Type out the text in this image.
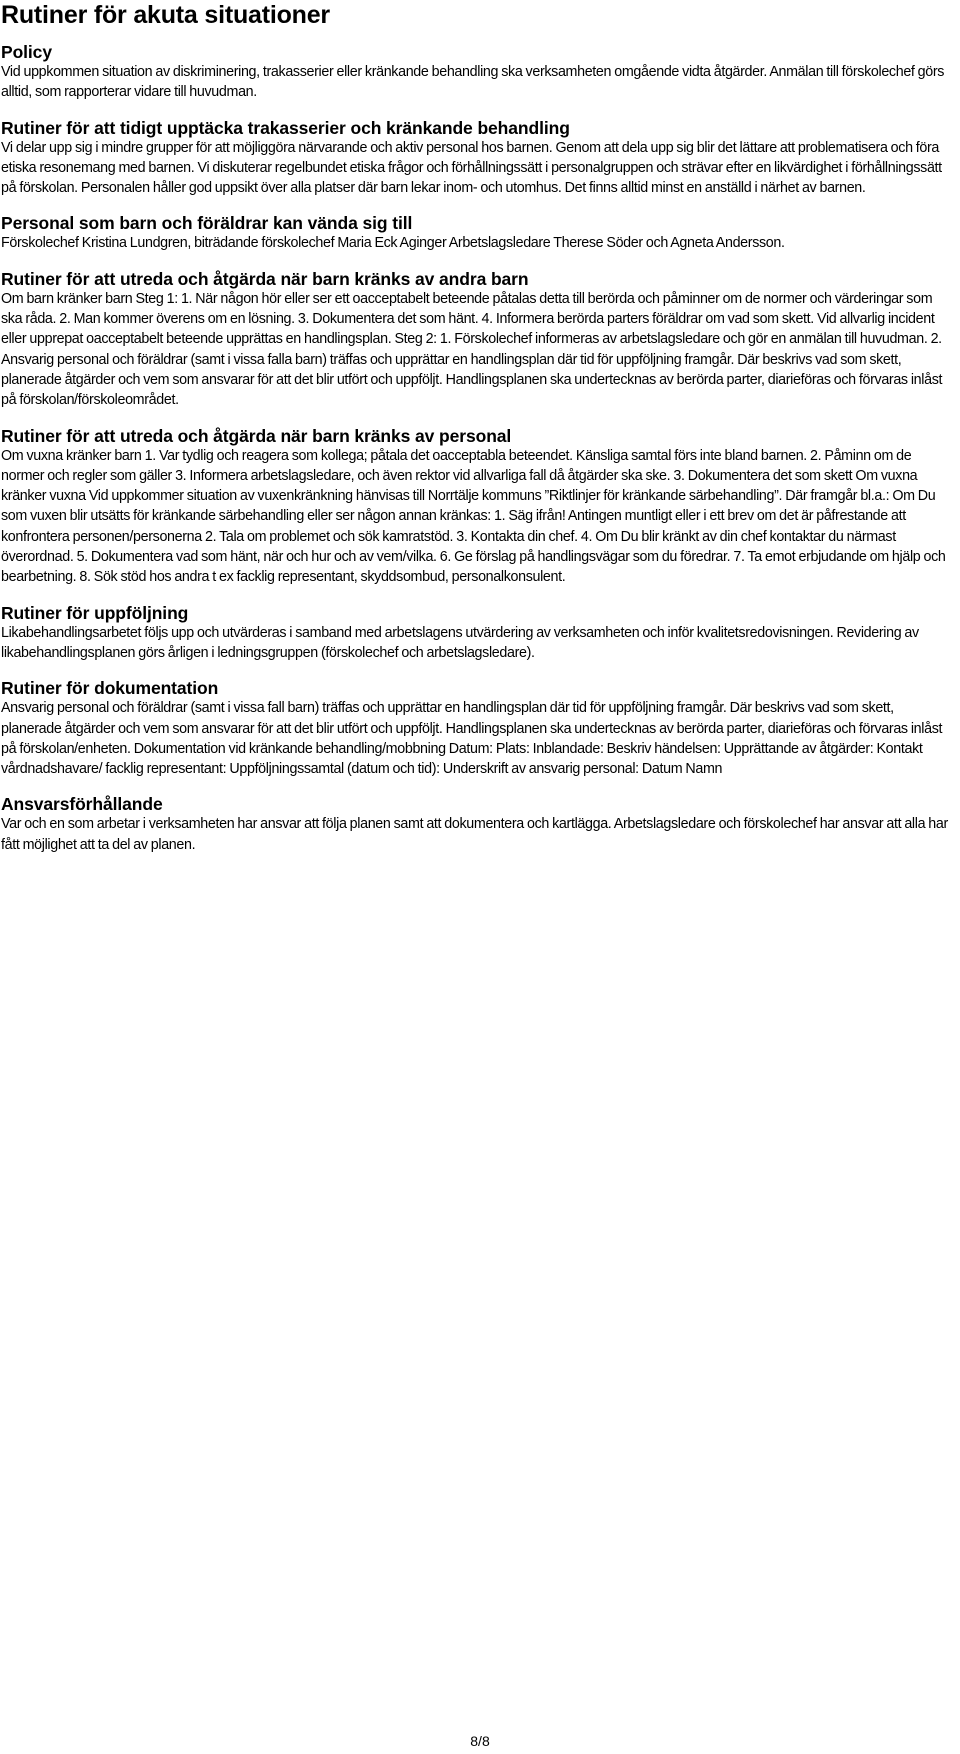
Rutiner för akuta situationer
Policy

Vid uppkommen situation av diskriminering, trakasserier eller kränkande behandling ska verksamheten omgående vidta åtgärder. Anmälan till förskolechef görs alltid, som rapporterar vidare till huvudman.

Rutiner för att tidigt upptäcka trakasserier och kränkande behandling

Vi delar upp sig i mindre grupper för att möjliggöra närvarande och aktiv personal hos barnen. Genom att dela upp sig blir det lättare att problematisera och föra etiska resonemang med barnen. Vi diskuterar regelbundet etiska frågor och förhållningssätt i personalgruppen och strävar efter en likvärdighet i förhållningssätt på förskolan. Personalen håller god uppsikt över alla platser där barn lekar inom- och utomhus. Det finns alltid minst en anställd i närhet av barnen.

Personal som barn och föräldrar kan vända sig till

Förskolechef Kristina Lundgren, biträdande förskolechef Maria Eck Aginger Arbetslagsledare Therese Söder och Agneta Andersson.

Rutiner för att utreda och åtgärda när barn kränks av andra barn

Om barn kränker barn Steg 1: 1. När någon hör eller ser ett oacceptabelt beteende påtalas detta till berörda och påminner om de normer och värderingar som ska råda. 2. Man kommer överens om en lösning. 3. Dokumentera det som hänt. 4. Informera berörda parters föräldrar om vad som skett. Vid allvarlig incident eller upprepat oacceptabelt beteende upprättas en handlingsplan. Steg 2: 1. Förskolechef informeras av arbetslagsledare och gör en anmälan till huvudman. 2. Ansvarig personal och föräldrar (samt i vissa falla barn) träffas och upprättar en handlingsplan där tid för uppföljning framgår. Där beskrivs vad som skett, planerade åtgärder och vem som ansvarar för att det blir utfört och uppföljt. Handlingsplanen ska undertecknas av berörda parter, diarieföras och förvaras inlåst på förskolan/förskoleområdet.

Rutiner för att utreda och åtgärda när barn kränks av personal

Om vuxna kränker barn 1. Var tydlig och reagera som kollega; påtala det oacceptabla beteendet. Känsliga samtal förs inte bland barnen. 2. Påminn om de normer och regler som gäller 3. Informera arbetslagsledare, och även rektor vid allvarliga fall då åtgärder ska ske. 3. Dokumentera det som skett Om vuxna kränker vuxna Vid uppkommer situation av vuxenkränkning hänvisas till Norrtälje kommuns ”Riktlinjer för kränkande särbehandling”. Där framgår bl.a.: Om Du som vuxen blir utsätts för kränkande särbehandling eller ser någon annan kränkas: 1. Säg ifrån! Antingen muntligt eller i ett brev om det är påfrestande att konfrontera personen/personerna 2. Tala om problemet och sök kamratstöd. 3. Kontakta din chef. 4. Om Du blir kränkt av din chef kontaktar du närmast överordnad. 5. Dokumentera vad som hänt, när och hur och av vem/vilka. 6. Ge förslag på handlingsvägar som du föredrar. 7. Ta emot erbjudande om hjälp och bearbetning. 8. Sök stöd hos andra t ex facklig representant, skyddsombud, personalkonsulent.

Rutiner för uppföljning

Likabehandlingsarbetet följs upp och utvärderas i samband med arbetslagens utvärdering av verksamheten och inför kvalitetsredovisningen. Revidering av likabehandlingsplanen görs årligen i ledningsgruppen (förskolechef och arbetslagsledare).

Rutiner för dokumentation

Ansvarig personal och föräldrar (samt i vissa fall barn) träffas och upprättar en handlingsplan där tid för uppföljning framgår. Där beskrivs vad som skett, planerade åtgärder och vem som ansvarar för att det blir utfört och uppföljt. Handlingsplanen ska undertecknas av berörda parter, diarieföras och förvaras inlåst på förskolan/enheten. Dokumentation vid kränkande behandling/mobbning Datum: Plats: Inblandade: Beskriv händelsen: Upprättande av åtgärder: Kontakt vårdnadshavare/ facklig representant: Uppföljningssamtal (datum och tid): Underskrift av ansvarig personal: Datum Namn

Ansvarsförhållande

Var och en som arbetar i verksamheten har ansvar att följa planen samt att dokumentera och kartlägga. Arbetslagsledare och förskolechef har ansvar att alla har fått möjlighet att ta del av planen.

8/8
